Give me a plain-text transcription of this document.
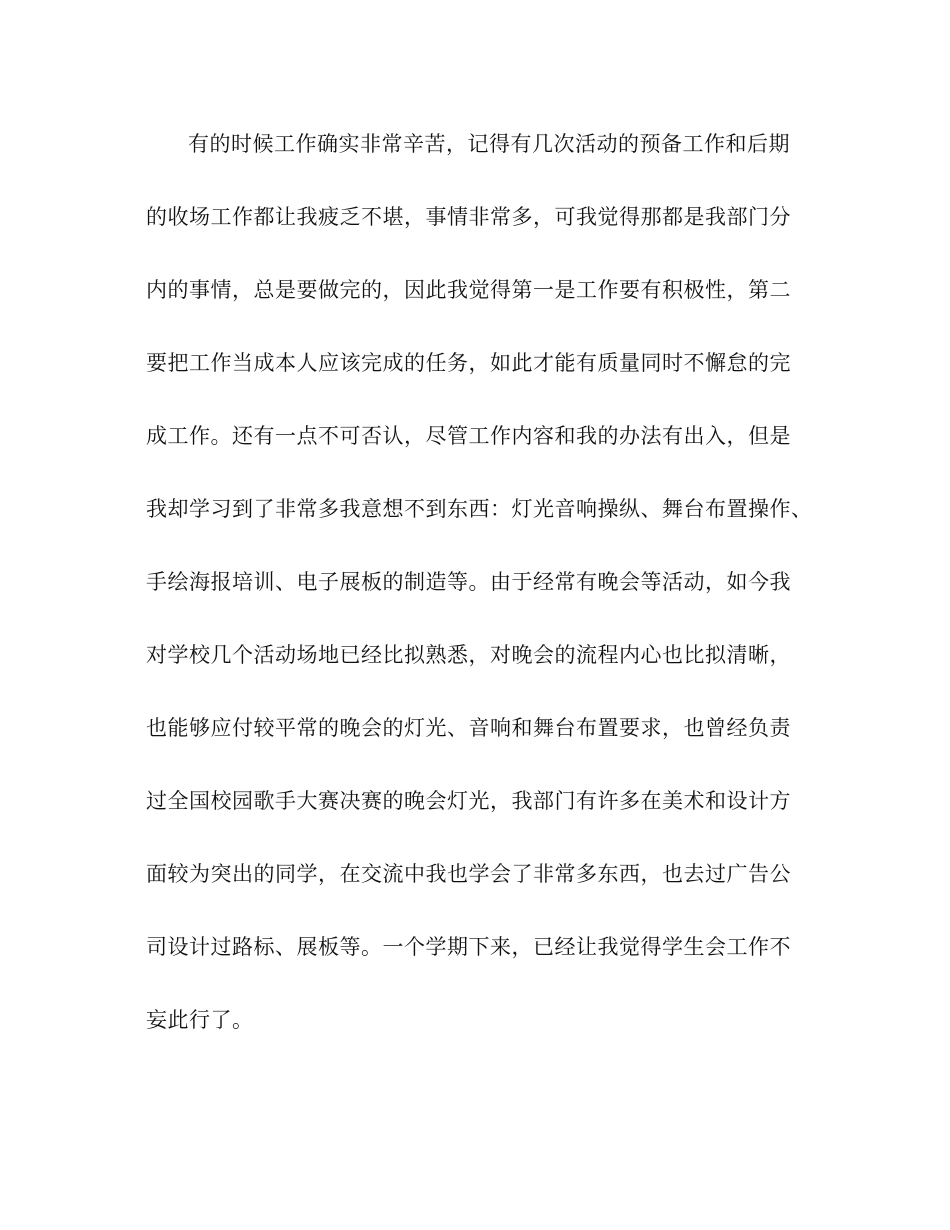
有的时候工作确实非常辛苦，记得有几次活动的预备工作和后期
的收场工作都让我疲乏不堪，事情非常多，可我觉得那都是我部门分
内的事情，总是要做完的，因此我觉得第一是工作要有积极性，第二
要把工作当成本人应该完成的任务，如此才能有质量同时不懈怠的完
成工作。还有一点不可否认，尽管工作内容和我的办法有出入，但是
我却学习到了非常多我意想不到东西：灯光音响操纵、舞台布置操作、
手绘海报培训、电子展板的制造等。由于经常有晚会等活动，如今我
对学校几个活动场地已经比拟熟悉，对晚会的流程内心也比拟清晰，
也能够应付较平常的晚会的灯光、音响和舞台布置要求，也曾经负责
过全国校园歌手大赛决赛的晚会灯光，我部门有许多在美术和设计方
面较为突出的同学，在交流中我也学会了非常多东西，也去过广告公
司设计过路标、展板等。一个学期下来，已经让我觉得学生会工作不
妄此行了。
